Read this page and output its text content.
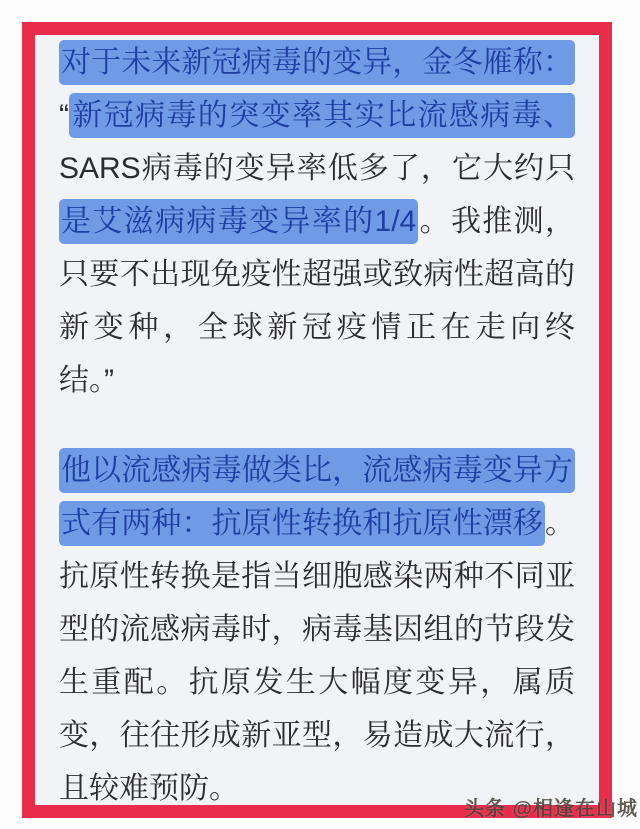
对于未来新冠病毒的变异，金冬雁称：
“新冠病毒的突变率其实比流感病毒、
SARS病毒的变异率低多了，它大约只
是艾滋病病毒变异率的1/4。我推测，
只要不出现免疫性超强或致病性超高的
新变种，全球新冠疫情正在走向终
结。”
他以流感病毒做类比，流感病毒变异方
式有两种：抗原性转换和抗原性漂移。
抗原性转换是指当细胞感染两种不同亚
型的流感病毒时，病毒基因组的节段发
生重配。抗原发生大幅度变异，属质
变，往往形成新亚型，易造成大流行，
且较难预防。
头条 @相逢在山城
